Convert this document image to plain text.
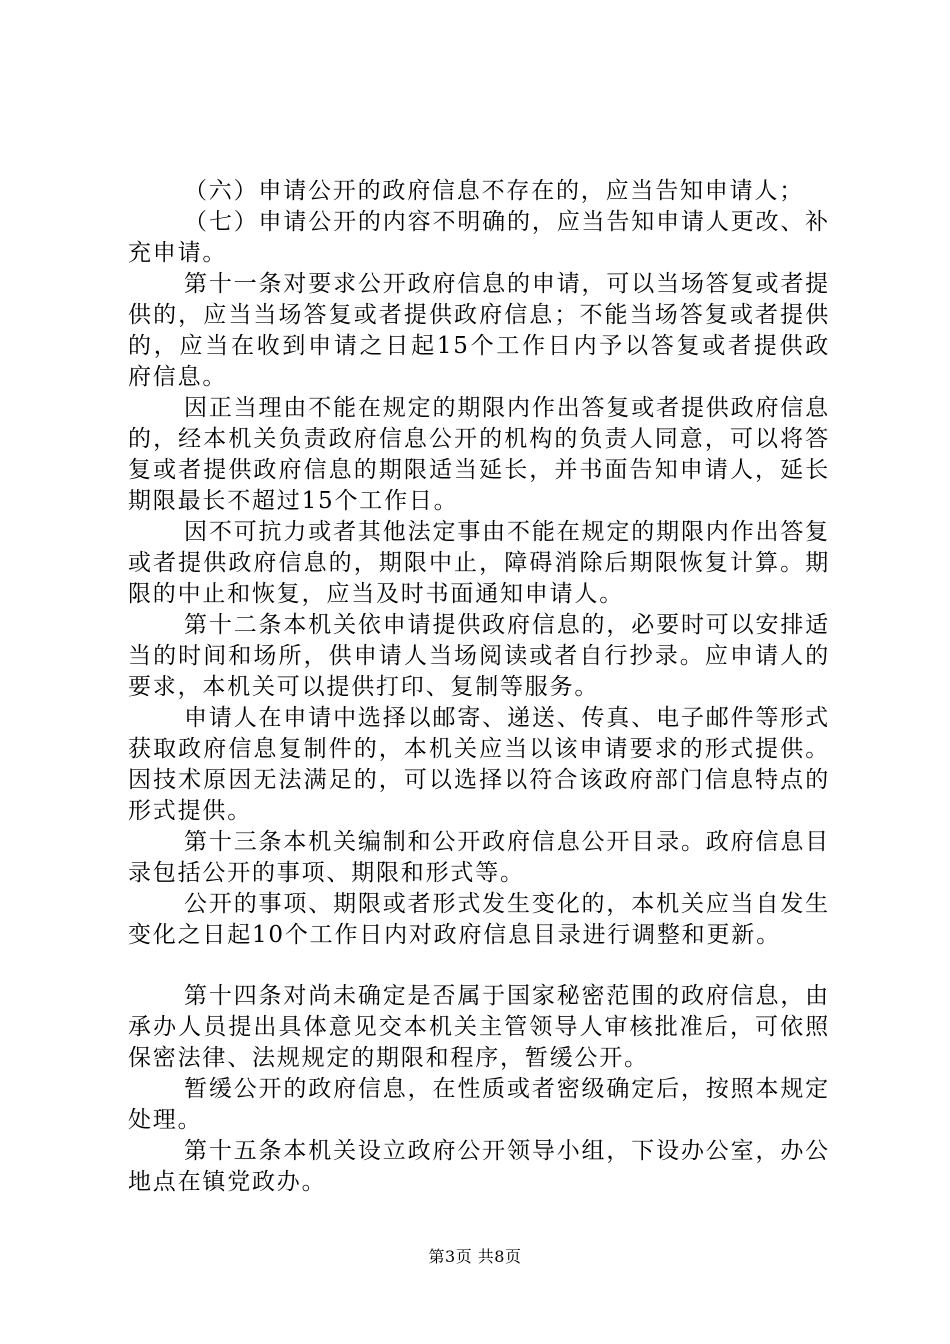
（六）申请公开的政府信息不存在的，应当告知申请人；

（七）申请公开的内容不明确的，应当告知申请人更改、补充申请。

第十一条对要求公开政府信息的申请，可以当场答复或者提供的，应当当场答复或者提供政府信息；不能当场答复或者提供的，应当在收到申请之日起15个工作日内予以答复或者提供政府信息。

因正当理由不能在规定的期限内作出答复或者提供政府信息的，经本机关负责政府信息公开的机构的负责人同意，可以将答复或者提供政府信息的期限适当延长，并书面告知申请人，延长期限最长不超过15个工作日。

因不可抗力或者其他法定事由不能在规定的期限内作出答复或者提供政府信息的，期限中止，障碍消除后期限恢复计算。期限的中止和恢复，应当及时书面通知申请人。

第十二条本机关依申请提供政府信息的，必要时可以安排适当的时间和场所，供申请人当场阅读或者自行抄录。应申请人的要求，本机关可以提供打印、复制等服务。

申请人在申请中选择以邮寄、递送、传真、电子邮件等形式获取政府信息复制件的，本机关应当以该申请要求的形式提供。因技术原因无法满足的，可以选择以符合该政府部门信息特点的形式提供。

第十三条本机关编制和公开政府信息公开目录。政府信息目录包括公开的事项、期限和形式等。

公开的事项、期限或者形式发生变化的，本机关应当自发生变化之日起10个工作日内对政府信息目录进行调整和更新。

第十四条对尚未确定是否属于国家秘密范围的政府信息，由承办人员提出具体意见交本机关主管领导人审核批准后，可依照保密法律、法规规定的期限和程序，暂缓公开。

暂缓公开的政府信息，在性质或者密级确定后，按照本规定处理。

第十五条本机关设立政府公开领导小组，下设办公室，办公地点在镇党政办。

第3页 共8页
